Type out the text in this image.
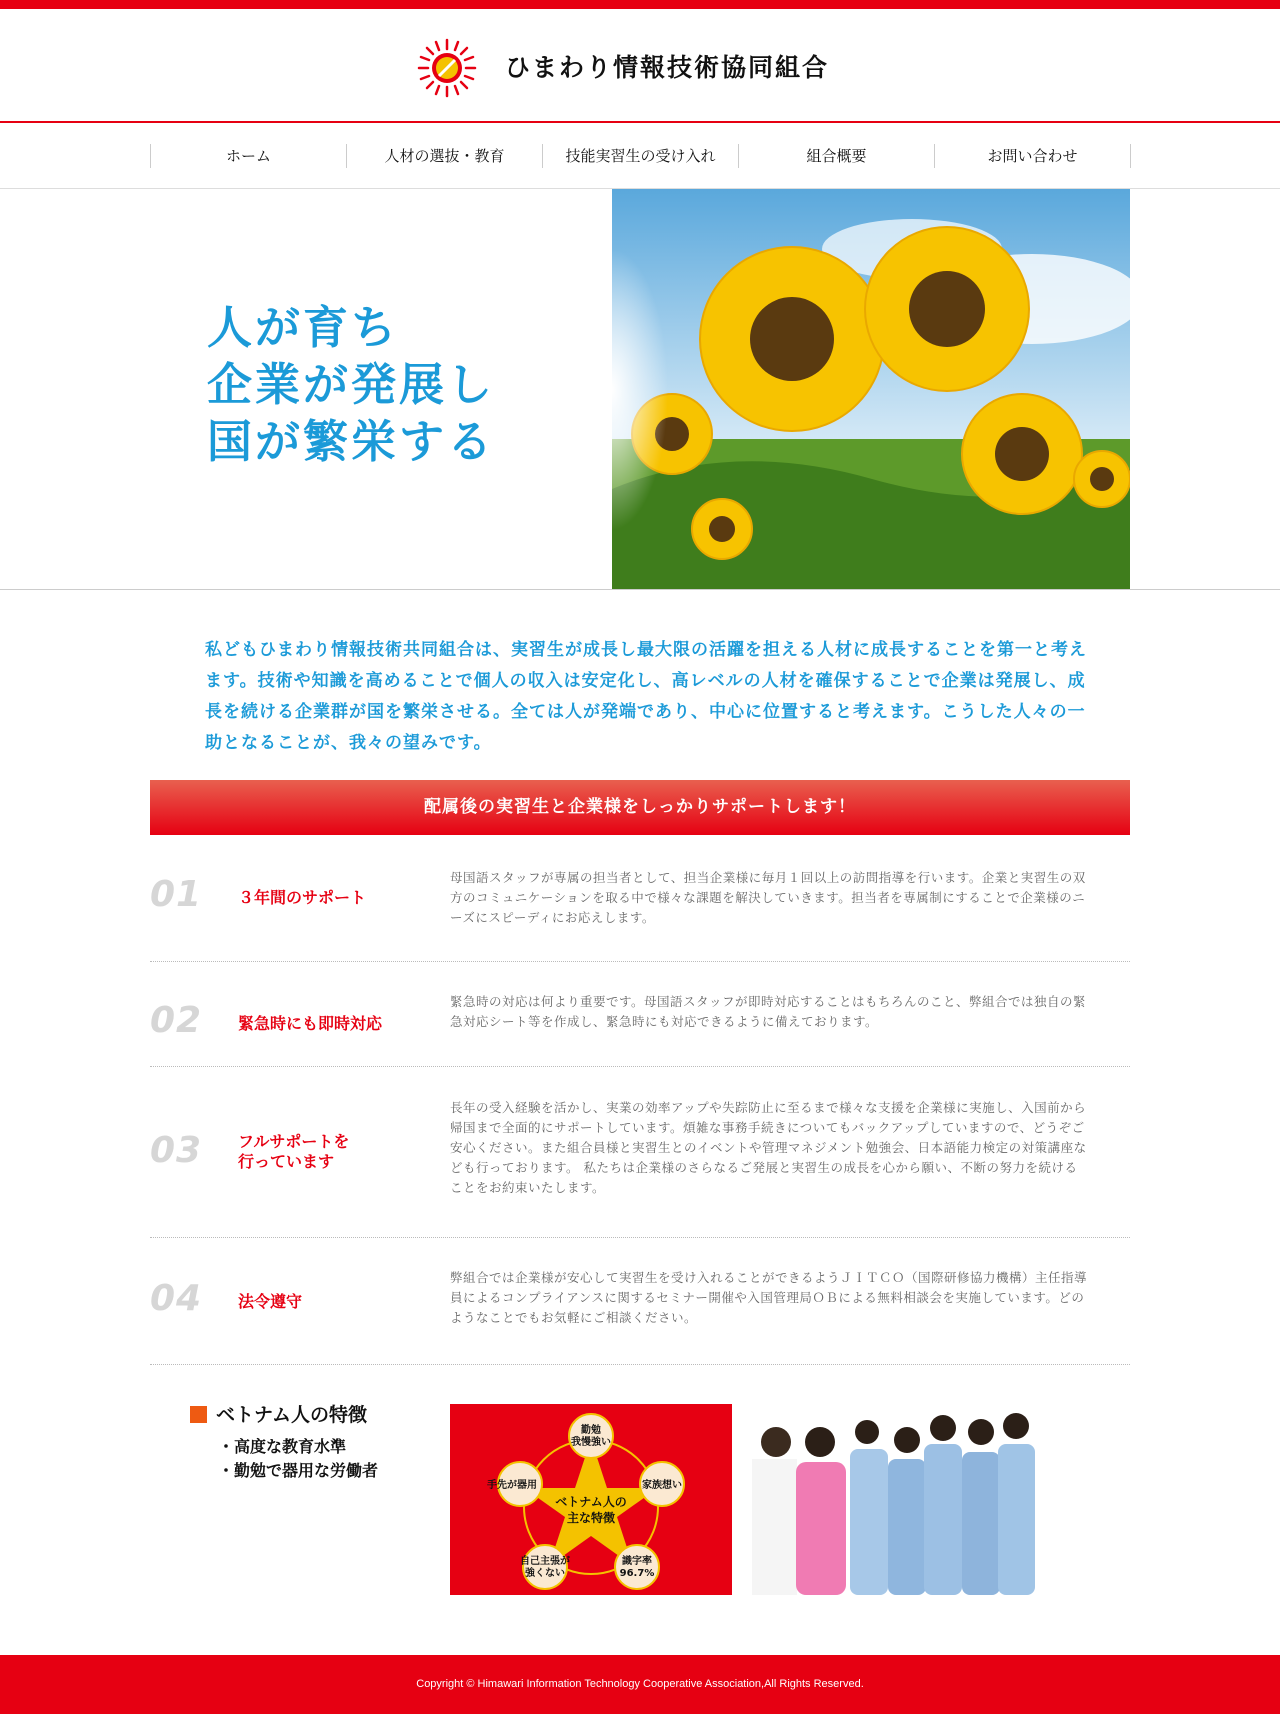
ひまわり情報技術協同組合
ホーム	人材の選抜・教育	技能実習生の受け入れ	組合概要	お問い合わせ
人が育ち
企業が発展し
国が繁栄する

私どもひまわり情報技術共同組合は、実習生が成長し最大限の活躍を担える人材に成長することを第一と考えます。技術や知識を高めることで個人の収入は安定化し、高レベルの人材を確保することで企業は発展し、成長を続ける企業群が国を繁栄させる。全ては人が発端であり、中心に位置すると考えます。こうした人々の一助となることが、我々の望みです。

配属後の実習生と企業様をしっかりサポートします！
01 ３年間のサポート
母国語スタッフが専属の担当者として、担当企業様に毎月１回以上の訪問指導を行います。企業と実習生の双方のコミュニケーションを取る中で様々な課題を解決していきます。担当者を専属制にすることで企業様のニーズにスピーディにお応えします。
02 緊急時にも即時対応
緊急時の対応は何より重要です。母国語スタッフが即時対応することはもちろんのこと、弊組合では独自の緊急対応シート等を作成し、緊急時にも対応できるように備えております。
03 フルサポートを
行っています
長年の受入経験を活かし、実業の効率アップや失踪防止に至るまで様々な支援を企業様に実施し、入国前から帰国まで全面的にサポートしています。煩雑な事務手続きについてもバックアップしていますので、どうぞご安心ください。また組合員様と実習生とのイベントや管理マネジメント勉強会、日本語能力検定の対策講座なども行っております。 私たちは企業様のさらなるご発展と実習生の成長を心から願い、不断の努力を続けることをお約束いたします。
04 法令遵守
弊組合では企業様が安心して実習生を受け入れることができるようＪＩＴＣＯ（国際研修協力機構）主任指導員によるコンプライアンスに関するセミナー開催や入国管理局ＯＢによる無料相談会を実施しています。どのようなことでもお気軽にご相談ください。
ベトナム人の特徴
・ 高度な教育水準
・ 勤勉で器用な労働者
勤勉
我慢強い
家族想い
識字率
96.7%
自己主張が
強くない
手先が器用
ベトナム人の
主な特徴
Copyright © Himawari Information Technology Cooperative Association,All Rights Reserved.
